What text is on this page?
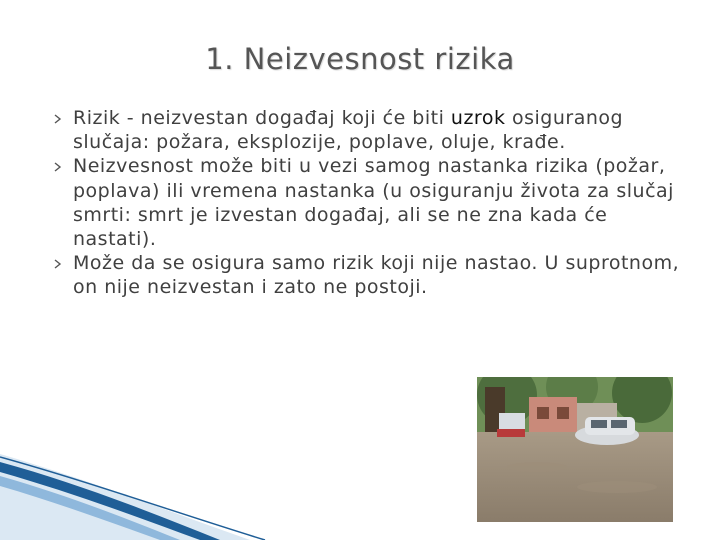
1. Neizvesnost rizika
Rizik - neizvestan događaj koji će biti uzrok osiguranog slučaja: požara, eksplozije, poplave, oluje, krađe.
Neizvesnost može biti u vezi samog nastanka rizika (požar, poplava) ili vremena nastanka (u osiguranju života za slučaj smrti: smrt je izvestan događaj, ali se ne zna kada će nastati).
Može da se osigura samo rizik koji nije nastao. U suprotnom, on nije neizvestan i zato ne postoji.
